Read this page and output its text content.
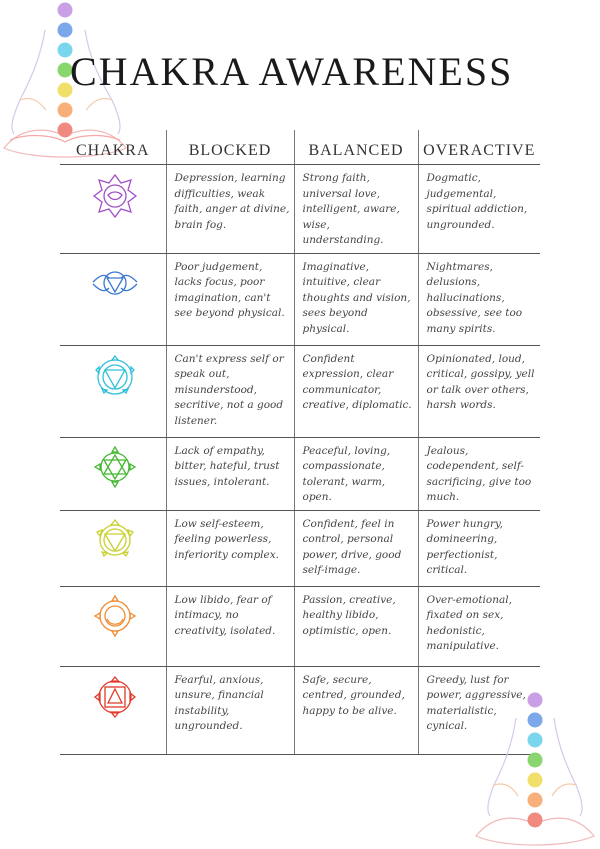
CHAKRA AWARENESS
CHAKRA	BLOCKED	BALANCED	OVERACTIVE

	Depression, learning difficulties, weak faith, anger at divine, brain fog.	Strong faith, universal love, intelligent, aware, wise, understanding.	Dogmatic, judgemental, spiritual addiction, ungrounded.

	Poor judgement, lacks focus, poor imagination, can't see beyond physical.	Imaginative, intuitive, clear thoughts and vision, sees beyond physical.	Nightmares, delusions, hallucinations, obsessive, see too many spirits.

	Can't express self or speak out, misunderstood, secritive, not a good listener.	Confident expression, clear communicator, creative, diplomatic.	Opinionated, loud, critical, gossipy, yell or talk over others, harsh words.

	Lack of empathy, bitter, hateful, trust issues, intolerant.	Peaceful, loving, compassionate, tolerant, warm, open.	Jealous, codependent, self-sacrificing, give too much.

	Low self-esteem, feeling powerless, inferiority complex.	Confident, feel in control, personal power, drive, good self-image.	Power hungry, domineering, perfectionist, critical.

	Low libido, fear of intimacy, no creativity, isolated.	Passion, creative, healthy libido, optimistic, open.	Over-emotional, fixated on sex, hedonistic, manipulative.

	Fearful, anxious, unsure, financial instability, ungrounded.	Safe, secure, centred, grounded, happy to be alive.	Greedy, lust for power, aggressive, materialistic, cynical.
